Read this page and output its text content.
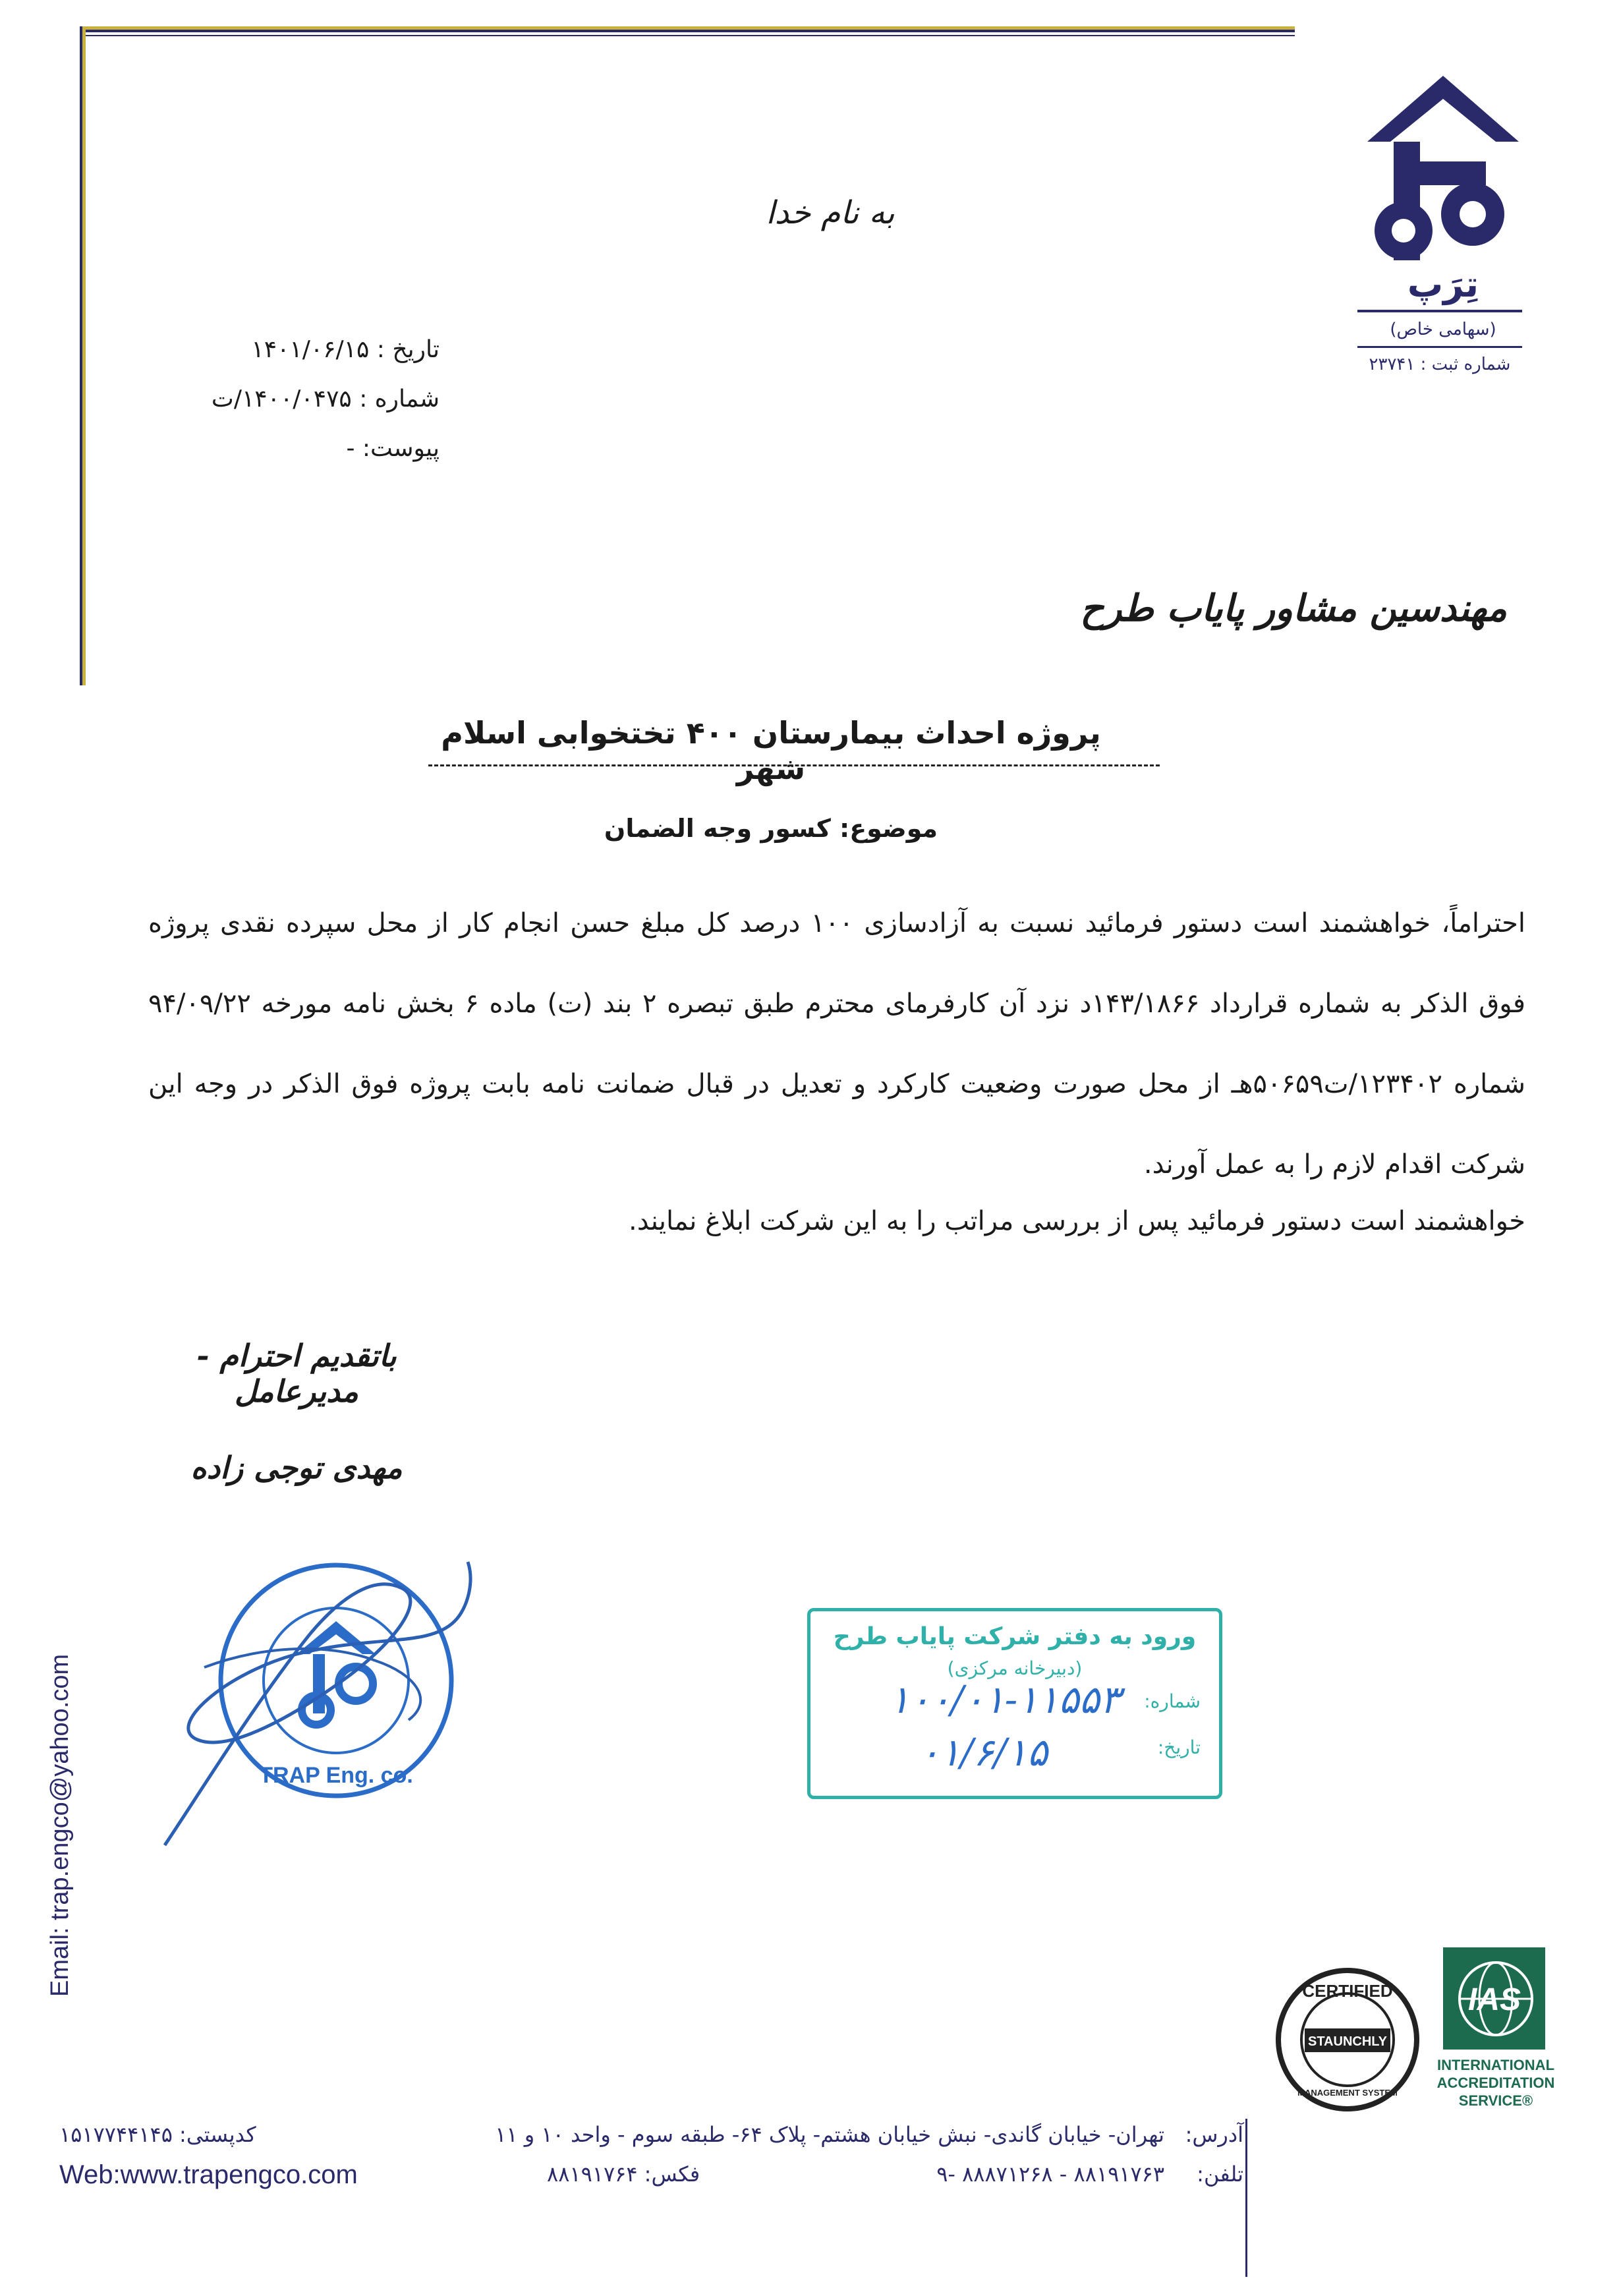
تِرَپ
(سهامی خاص)
شماره ثبت : ۲۳۷۴۱
به نام خدا
تاریخ : ۱۴۰۱/۰۶/۱۵
شماره : ۱۴۰۰/۰۴۷۵/ت
پیوست: -
مهندسین مشاور پایاب طرح
پروژه احداث بیمارستان ۴۰۰ تختخوابی اسلام شهر
موضوع: کسور وجه الضمان

احتراماً، خواهشمند است دستور فرمائید نسبت به آزادسازی ۱۰۰ درصد کل مبلغ حسن انجام کار از محل سپرده نقدی پروژه فوق الذکر به شماره قرارداد ۱۴۳/۱۸۶۶د نزد آن کارفرمای محترم طبق تبصره ۲ بند (ت) ماده ۶ بخش نامه مورخه ۹۴/۰۹/۲۲ شماره ۱۲۳۴۰۲/ت۵۰۶۵۹هـ از محل صورت وضعیت کارکرد و تعدیل در قبال ضمانت نامه بابت پروژه فوق الذکر در وجه این شرکت اقدام لازم را به عمل آورند.

خواهشمند است دستور فرمائید پس از بررسی مراتب را به این شرکت ابلاغ نمایند.
باتقدیم احترام - مدیرعامل
مهدی توجی زاده
TRAP Eng. co.
ورود به دفتر شرکت پایاب طرح
(دبیرخانه مرکزی)
شماره:
۱۰۰/۰۱-۱۱۵۵۳
تاریخ:
۰۱/۶/۱۵
Email: trap.engco@yahoo.com	CERTIFIED
STAUNCHLY
MANAGEMENT SYSTEM
IAS
INTERNATIONAL
ACCREDITATION
SERVICE®
آدرس:
تهران- خیابان گاندی- نبش خیابان هشتم- پلاک ۶۴- طبقه سوم - واحد ۱۰ و ۱۱
تلفن:
۹- ۸۸۸۷۱۲۶۸ - ۸۸۱۹۱۷۶۳
فکس: ۸۸۱۹۱۷۶۴
کدپستی: ۱۵۱۷۷۴۴۱۴۵
Web:www.trapengco.com
